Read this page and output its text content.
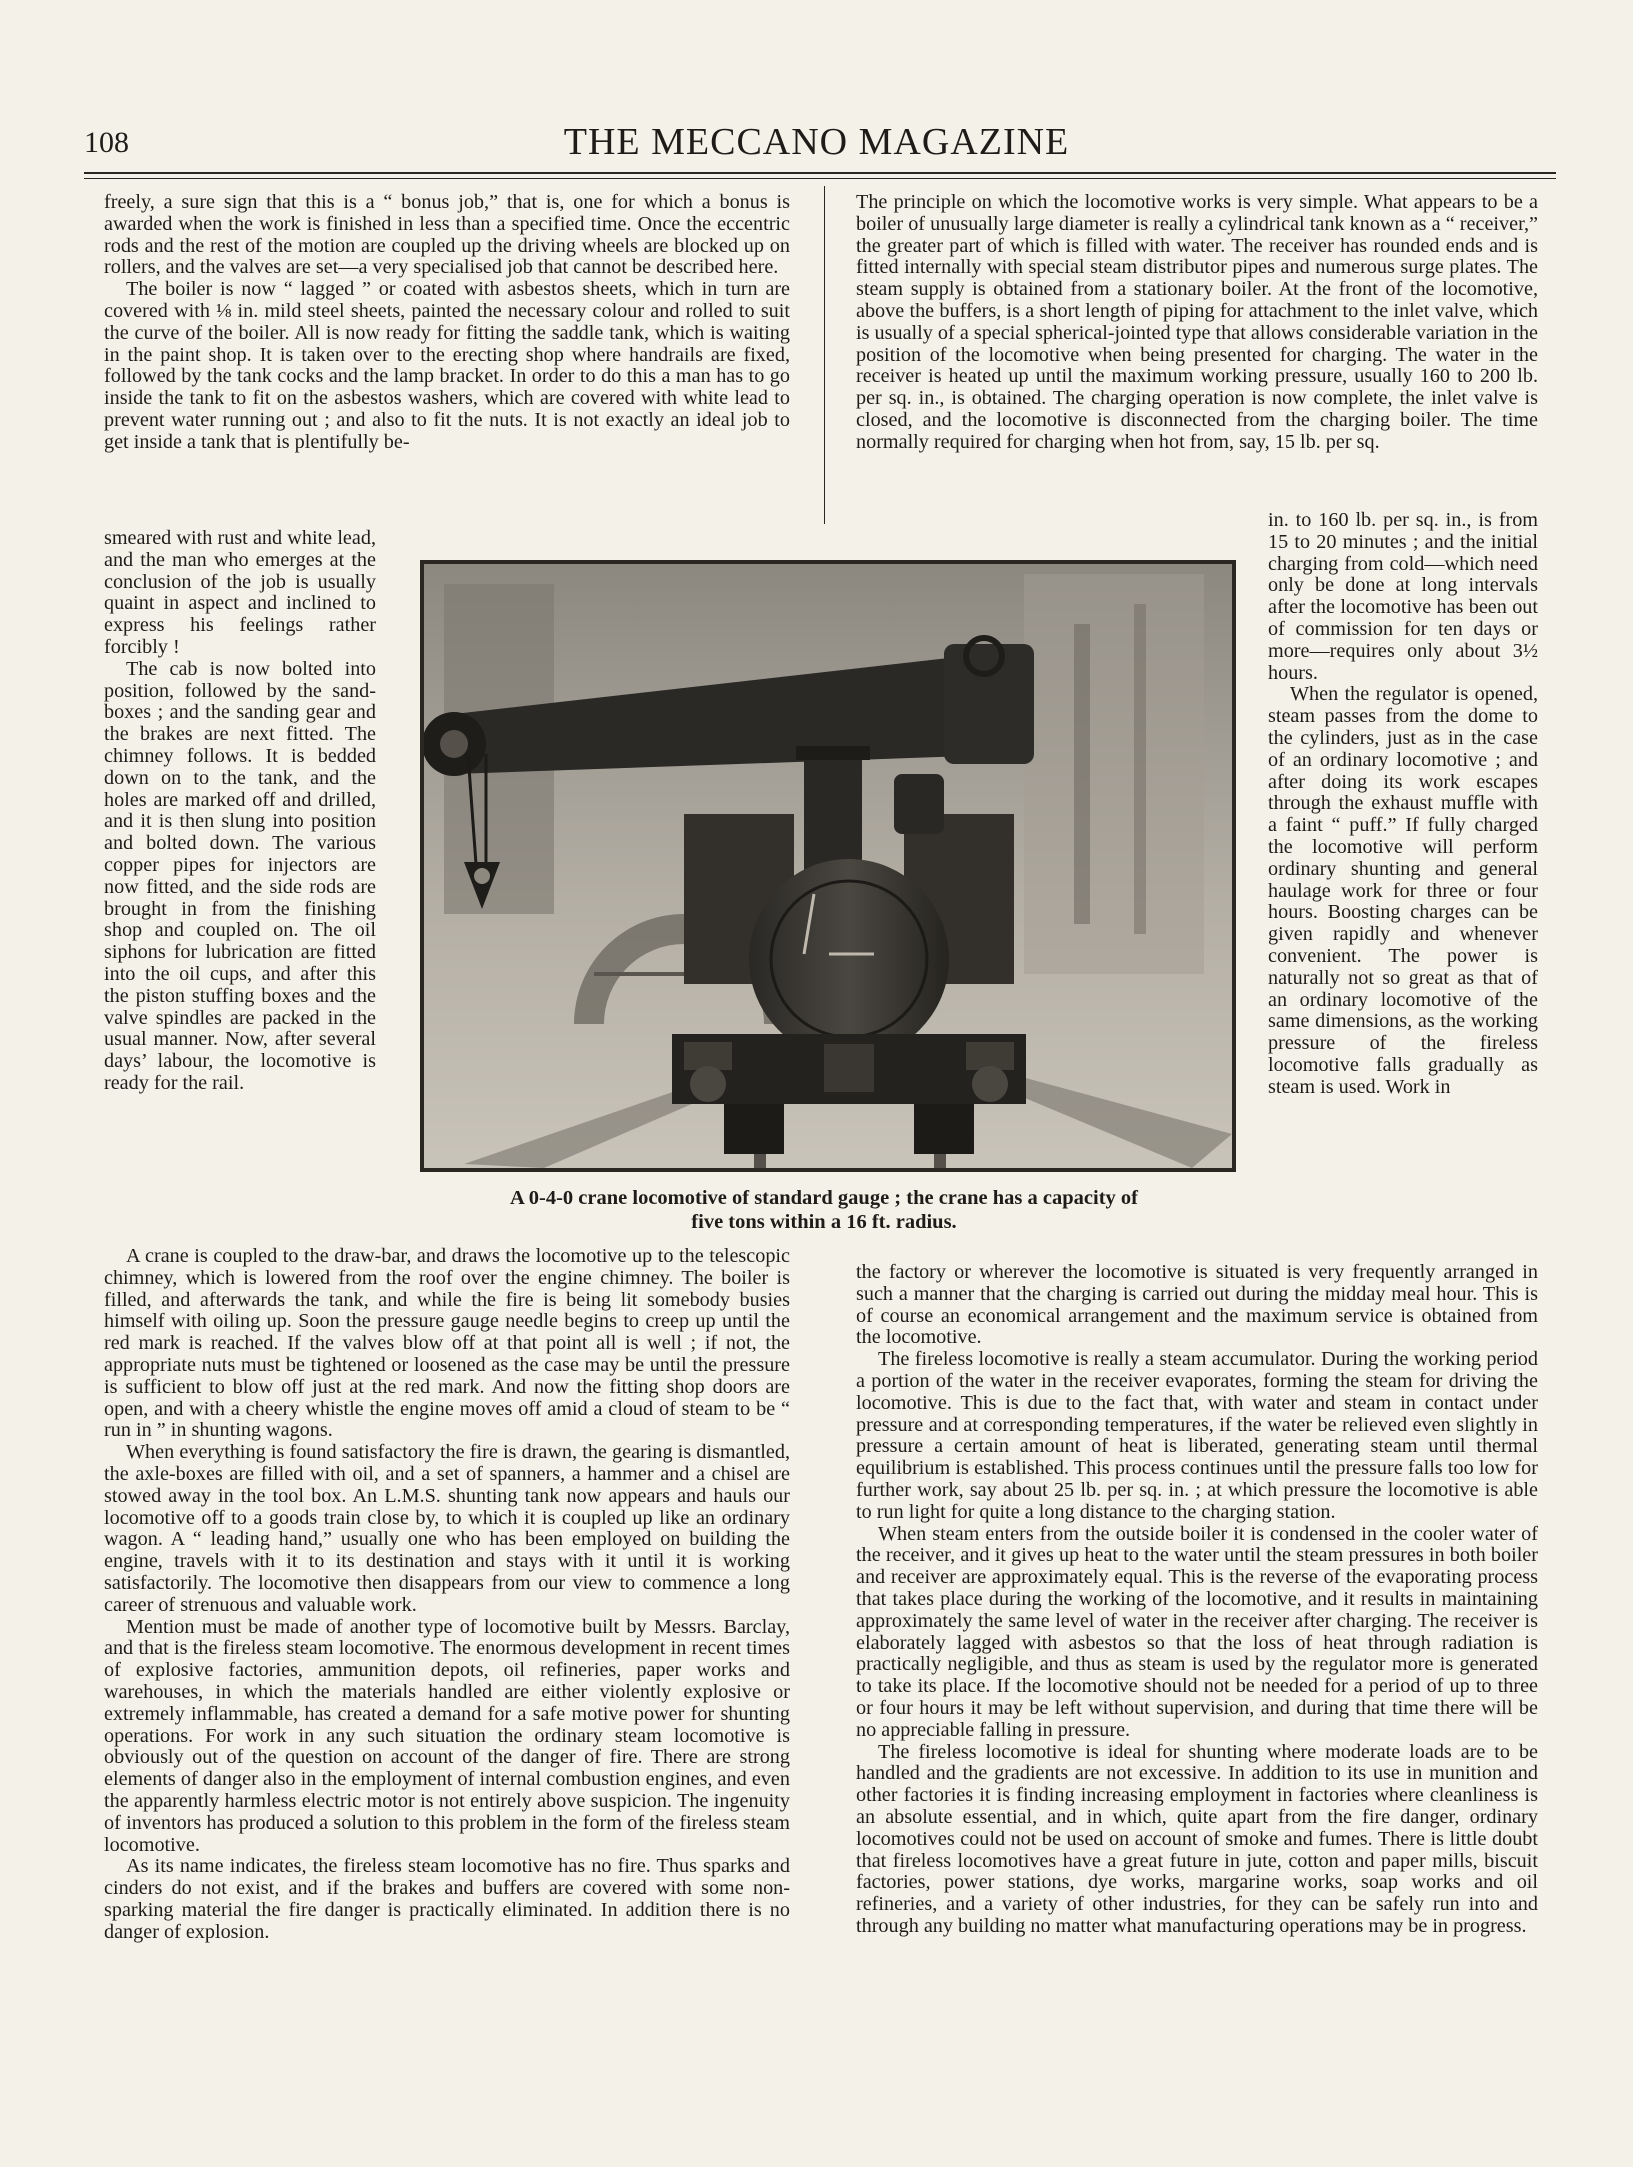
108	THE MECCANO MAGAZINE

freely, a sure sign that this is a “ bonus job,” that is, one for which a bonus is awarded when the work is finished in less than a specified time. Once the eccentric rods and the rest of the motion are coupled up the driving wheels are blocked up on rollers, and the valves are set—a very specialised job that cannot be described here.

The boiler is now “ lagged ” or coated with asbestos sheets, which in turn are covered with ⅛ in. mild steel sheets, painted the necessary colour and rolled to suit the curve of the boiler. All is now ready for fitting the saddle tank, which is waiting in the paint shop. It is taken over to the erecting shop where handrails are fixed, followed by the tank cocks and the lamp bracket. In order to do this a man has to go inside the tank to fit on the asbestos washers, which are covered with white lead to prevent water running out ; and also to fit the nuts. It is not exactly an ideal job to get inside a tank that is plentifully be-

The principle on which the locomotive works is very simple. What appears to be a boiler of unusually large diameter is really a cylindrical tank known as a “ receiver,” the greater part of which is filled with water. The receiver has rounded ends and is fitted internally with special steam distributor pipes and numerous surge plates. The steam supply is obtained from a stationary boiler. At the front of the locomotive, above the buffers, is a short length of piping for attachment to the inlet valve, which is usually of a special spherical-jointed type that allows considerable variation in the position of the locomotive when being presented for charging. The water in the receiver is heated up until the maximum working pressure, usually 160 to 200 lb. per sq. in., is obtained. The charging operation is now complete, the inlet valve is closed, and the locomotive is disconnected from the charging boiler. The time normally required for charging when hot from, say, 15 lb. per sq.

smeared with rust and white lead, and the man who emerges at the conclusion of the job is usually quaint in aspect and inclined to express his feelings rather forcibly !

The cab is now bolted into position, followed by the sand-boxes ; and the sanding gear and the brakes are next fitted. The chimney follows. It is bedded down on to the tank, and the holes are marked off and drilled, and it is then slung into position and bolted down. The various copper pipes for injectors are now fitted, and the side rods are brought in from the finishing shop and coupled on. The oil siphons for lubrication are fitted into the oil cups, and after this the piston stuffing boxes and the valve spindles are packed in the usual manner. Now, after several days’ labour, the locomotive is ready for the rail.

in. to 160 lb. per sq. in., is from 15 to 20 minutes ; and the initial charging from cold—which need only be done at long intervals after the locomotive has been out of commission for ten days or more—requires only about 3½ hours.

When the regulator is opened, steam passes from the dome to the cylinders, just as in the case of an ordinary locomotive ; and after doing its work escapes through the exhaust muffle with a faint “ puff.” If fully charged the locomotive will perform ordinary shunting and general haulage work for three or four hours. Boosting charges can be given rapidly and whenever convenient. The power is naturally not so great as that of an ordinary locomotive of the same dimensions, as the working pressure of the fireless locomotive falls gradually as steam is used. Work in

A 0-4-0 crane locomotive of standard gauge ; the crane has a capacity of
five tons within a 16 ft. radius.

A crane is coupled to the draw-bar, and draws the locomotive up to the telescopic chimney, which is lowered from the roof over the engine chimney. The boiler is filled, and afterwards the tank, and while the fire is being lit somebody busies himself with oiling up. Soon the pressure gauge needle begins to creep up until the red mark is reached. If the valves blow off at that point all is well ; if not, the appropriate nuts must be tightened or loosened as the case may be until the pressure is sufficient to blow off just at the red mark. And now the fitting shop doors are open, and with a cheery whistle the engine moves off amid a cloud of steam to be “ run in ” in shunting wagons.

When everything is found satisfactory the fire is drawn, the gearing is dismantled, the axle-boxes are filled with oil, and a set of spanners, a hammer and a chisel are stowed away in the tool box. An L.M.S. shunting tank now appears and hauls our locomotive off to a goods train close by, to which it is coupled up like an ordinary wagon. A “ leading hand,” usually one who has been employed on building the engine, travels with it to its destination and stays with it until it is working satisfactorily. The locomotive then disappears from our view to commence a long career of strenuous and valuable work.

Mention must be made of another type of locomotive built by Messrs. Barclay, and that is the fireless steam locomotive. The enormous development in recent times of explosive factories, ammunition depots, oil refineries, paper works and warehouses, in which the materials handled are either violently explosive or extremely inflammable, has created a demand for a safe motive power for shunting operations. For work in any such situation the ordinary steam locomotive is obviously out of the question on account of the danger of fire. There are strong elements of danger also in the employment of internal combustion engines, and even the apparently harmless electric motor is not entirely above suspicion. The ingenuity of inventors has produced a solution to this problem in the form of the fireless steam locomotive.

As its name indicates, the fireless steam locomotive has no fire. Thus sparks and cinders do not exist, and if the brakes and buffers are covered with some non-sparking material the fire danger is practically eliminated. In addition there is no danger of explosion.

the factory or wherever the locomotive is situated is very frequently arranged in such a manner that the charging is carried out during the midday meal hour. This is of course an economical arrangement and the maximum service is obtained from the locomotive.

The fireless locomotive is really a steam accumulator. During the working period a portion of the water in the receiver evaporates, forming the steam for driving the locomotive. This is due to the fact that, with water and steam in contact under pressure and at corresponding temperatures, if the water be relieved even slightly in pressure a certain amount of heat is liberated, generating steam until thermal equilibrium is established. This process continues until the pressure falls too low for further work, say about 25 lb. per sq. in. ; at which pressure the locomotive is able to run light for quite a long distance to the charging station.

When steam enters from the outside boiler it is condensed in the cooler water of the receiver, and it gives up heat to the water until the steam pressures in both boiler and receiver are approximately equal. This is the reverse of the evaporating process that takes place during the working of the locomotive, and it results in maintaining approximately the same level of water in the receiver after charging. The receiver is elaborately lagged with asbestos so that the loss of heat through radiation is practically negligible, and thus as steam is used by the regulator more is generated to take its place. If the locomotive should not be needed for a period of up to three or four hours it may be left without supervision, and during that time there will be no appreciable falling in pressure.

The fireless locomotive is ideal for shunting where moderate loads are to be handled and the gradients are not excessive. In addition to its use in munition and other factories it is finding increasing employment in factories where cleanliness is an absolute essential, and in which, quite apart from the fire danger, ordinary locomotives could not be used on account of smoke and fumes. There is little doubt that fireless locomotives have a great future in jute, cotton and paper mills, biscuit factories, power stations, dye works, margarine works, soap works and oil refineries, and a variety of other industries, for they can be safely run into and through any building no matter what manufacturing operations may be in progress.
